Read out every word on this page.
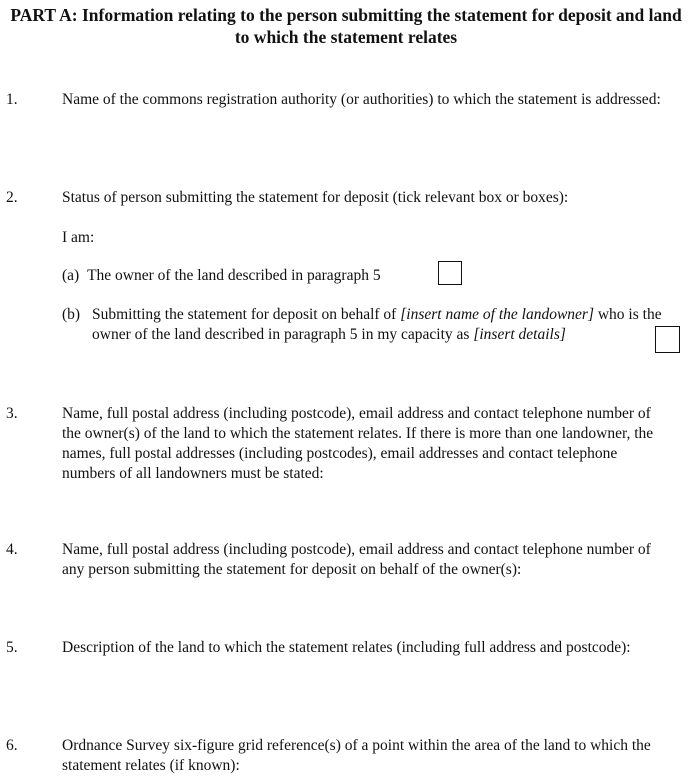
PART A: Information relating to the person submitting the statement for deposit and land to which the statement relates
1.	Name of the commons registration authority (or authorities) to which the statement is addressed:
2.	Status of person submitting the statement for deposit (tick relevant box or boxes):
I am:
(a) The owner of the land described in paragraph 5
(b) Submitting the statement for deposit on behalf of [insert name of the landowner] who is the owner of the land described in paragraph 5 in my capacity as [insert details]
3.	Name, full postal address (including postcode), email address and contact telephone number of the owner(s) of the land to which the statement relates. If there is more than one landowner, the names, full postal addresses (including postcodes), email addresses and contact telephone numbers of all landowners must be stated:
4.	Name, full postal address (including postcode), email address and contact telephone number of any person submitting the statement for deposit on behalf of the owner(s):
5.	Description of the land to which the statement relates (including full address and postcode):
6.	Ordnance Survey six-figure grid reference(s) of a point within the area of the land to which the statement relates (if known):
